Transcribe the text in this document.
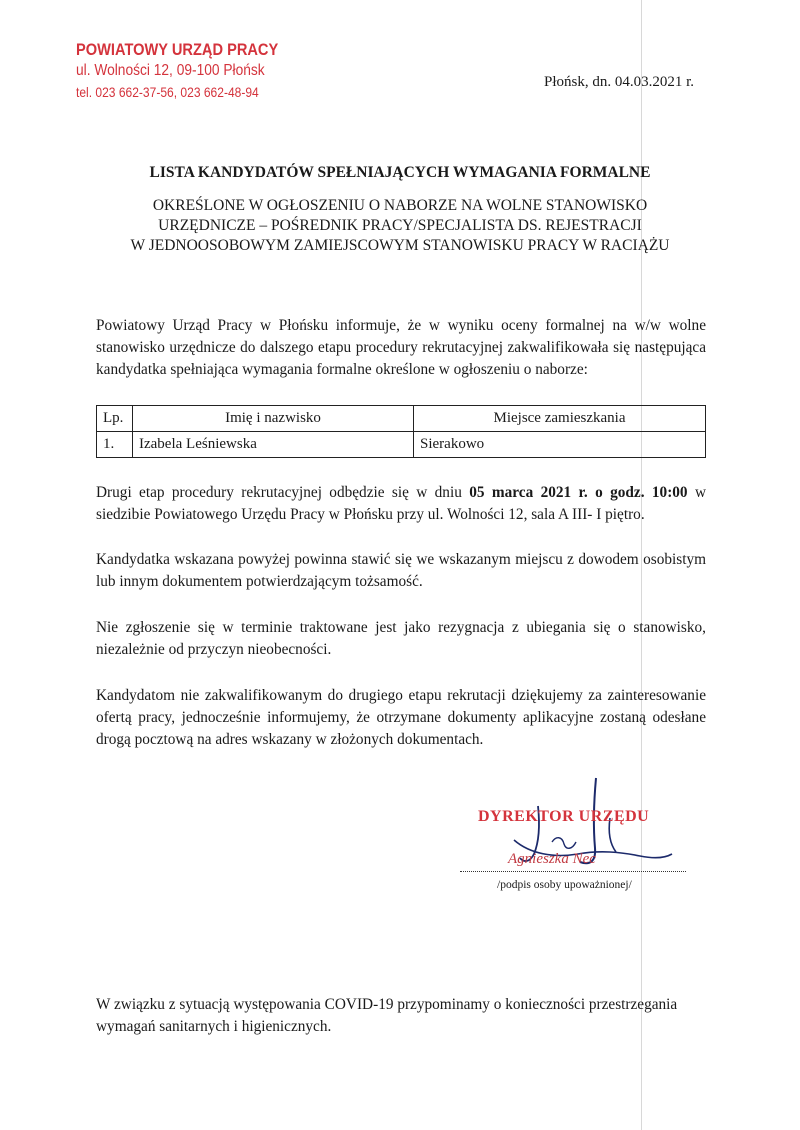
POWIATOWY URZĄD PRACY
ul. Wolności 12, 09-100 Płońsk
tel. 023 662-37-56, 023 662-48-94
Płońsk, dn. 04.03.2021 r.
LISTA KANDYDATÓW SPEŁNIAJĄCYCH WYMAGANIA FORMALNE
OKREŚLONE W OGŁOSZENIU O NABORZE NA WOLNE STANOWISKO
URZĘDNICZE – POŚREDNIK PRACY/SPECJALISTA DS. REJESTRACJI
W JEDNOOSOBOWYM ZAMIEJSCOWYM STANOWISKU PRACY W RACIĄŻU
Powiatowy Urząd Pracy w Płońsku informuje, że w wyniku oceny formalnej na w/w wolne stanowisko urzędnicze do dalszego etapu procedury rekrutacyjnej zakwalifikowała się następująca kandydatka spełniająca wymagania formalne określone w ogłoszeniu o naborze:
Lp.	Imię i nazwisko	Miejsce zamieszkania
1.	Izabela Leśniewska	Sierakowo
Drugi etap procedury rekrutacyjnej odbędzie się w dniu 05 marca 2021 r. o godz. 10:00 w siedzibie Powiatowego Urzędu Pracy w Płońsku przy ul. Wolności 12, sala A III- I piętro.
Kandydatka wskazana powyżej powinna stawić się we wskazanym miejscu z dowodem osobistym lub innym dokumentem potwierdzającym tożsamość.
Nie zgłoszenie się w terminie traktowane jest jako rezygnacja z ubiegania się o stanowisko, niezależnie od przyczyn nieobecności.
Kandydatom nie zakwalifikowanym do drugiego etapu rekrutacji dziękujemy za zainteresowanie ofertą pracy, jednocześnie informujemy, że otrzymane dokumenty aplikacyjne zostaną odesłane drogą pocztową na adres wskazany w złożonych dokumentach.
DYREKTOR URZĘDU
Agnieszka Nec
/podpis osoby upoważnionej/
W związku z sytuacją występowania COVID-19 przypominamy o konieczności przestrzegania wymagań sanitarnych i higienicznych.
